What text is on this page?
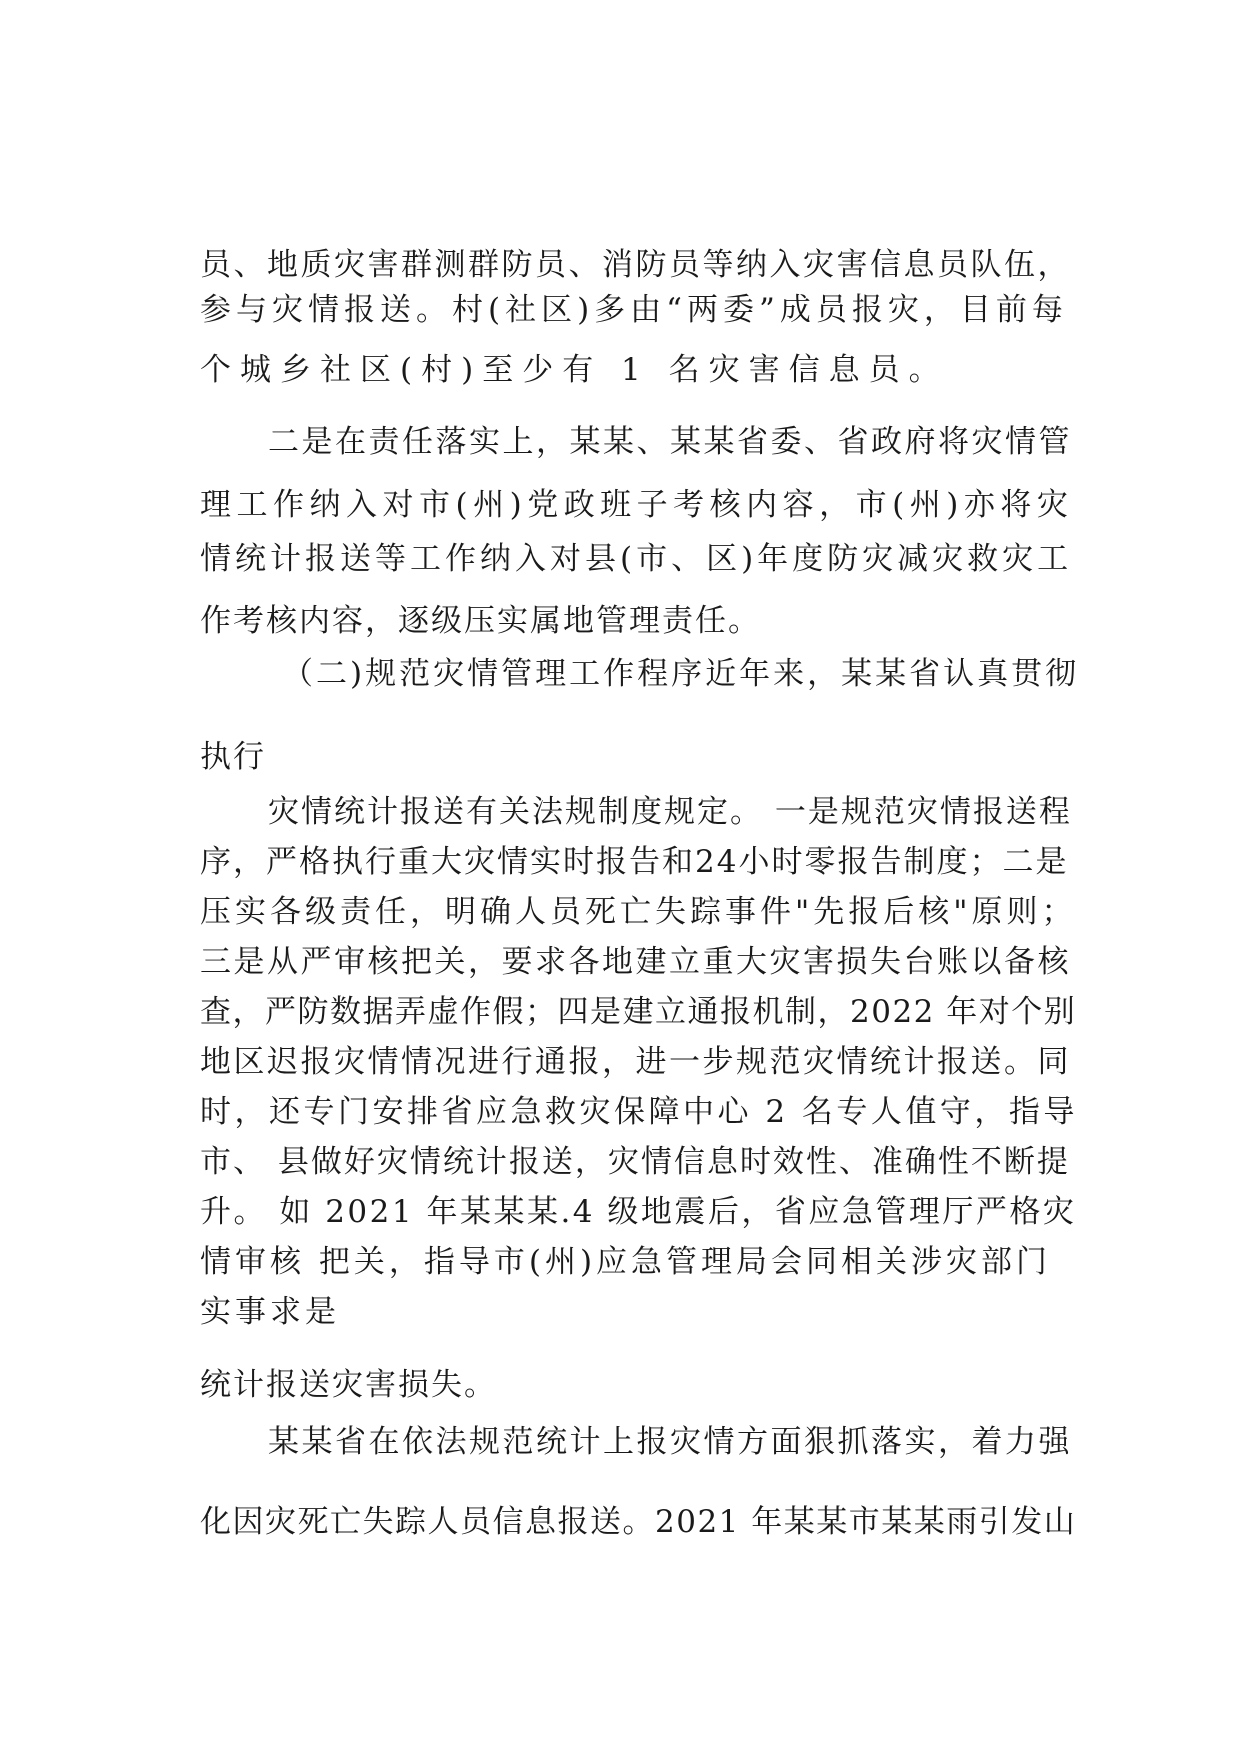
员、地质灾害群测群防员、消防员等纳入灾害信息员队伍，

参与灾情报送。村(社区)多由“两委”成员报灾，目前每

个城乡社区(村)至少有 1 名灾害信息员。

二是在责任落实上，某某、某某省委、省政府将灾情管

理工作纳入对市(州)党政班子考核内容，市(州)亦将灾

情统计报送等工作纳入对县(市、区)年度防灾减灾救灾工

作考核内容，逐级压实属地管理责任。

（二)规范灾情管理工作程序近年来，某某省认真贯彻

执行

灾情统计报送有关法规制度规定。 一是规范灾情报送程

序，严格执行重大灾情实时报告和24小时零报告制度；二是

压实各级责任，明确人员死亡失踪事件"先报后核"原则；

三是从严审核把关，要求各地建立重大灾害损失台账以备核

查，严防数据弄虚作假；四是建立通报机制，2022 年对个别

地区迟报灾情情况进行通报，进一步规范灾情统计报送。同

时，还专门安排省应急救灾保障中心 2 名专人值守，指导

市、 县做好灾情统计报送，灾情信息时效性、准确性不断提

升。 如 2021 年某某某.4 级地震后，省应急管理厅严格灾

情审核 把关，指导市(州)应急管理局会同相关涉灾部门

实事求是

统计报送灾害损失。

某某省在依法规范统计上报灾情方面狠抓落实，着力强

化因灾死亡失踪人员信息报送。2021 年某某市某某雨引发山
